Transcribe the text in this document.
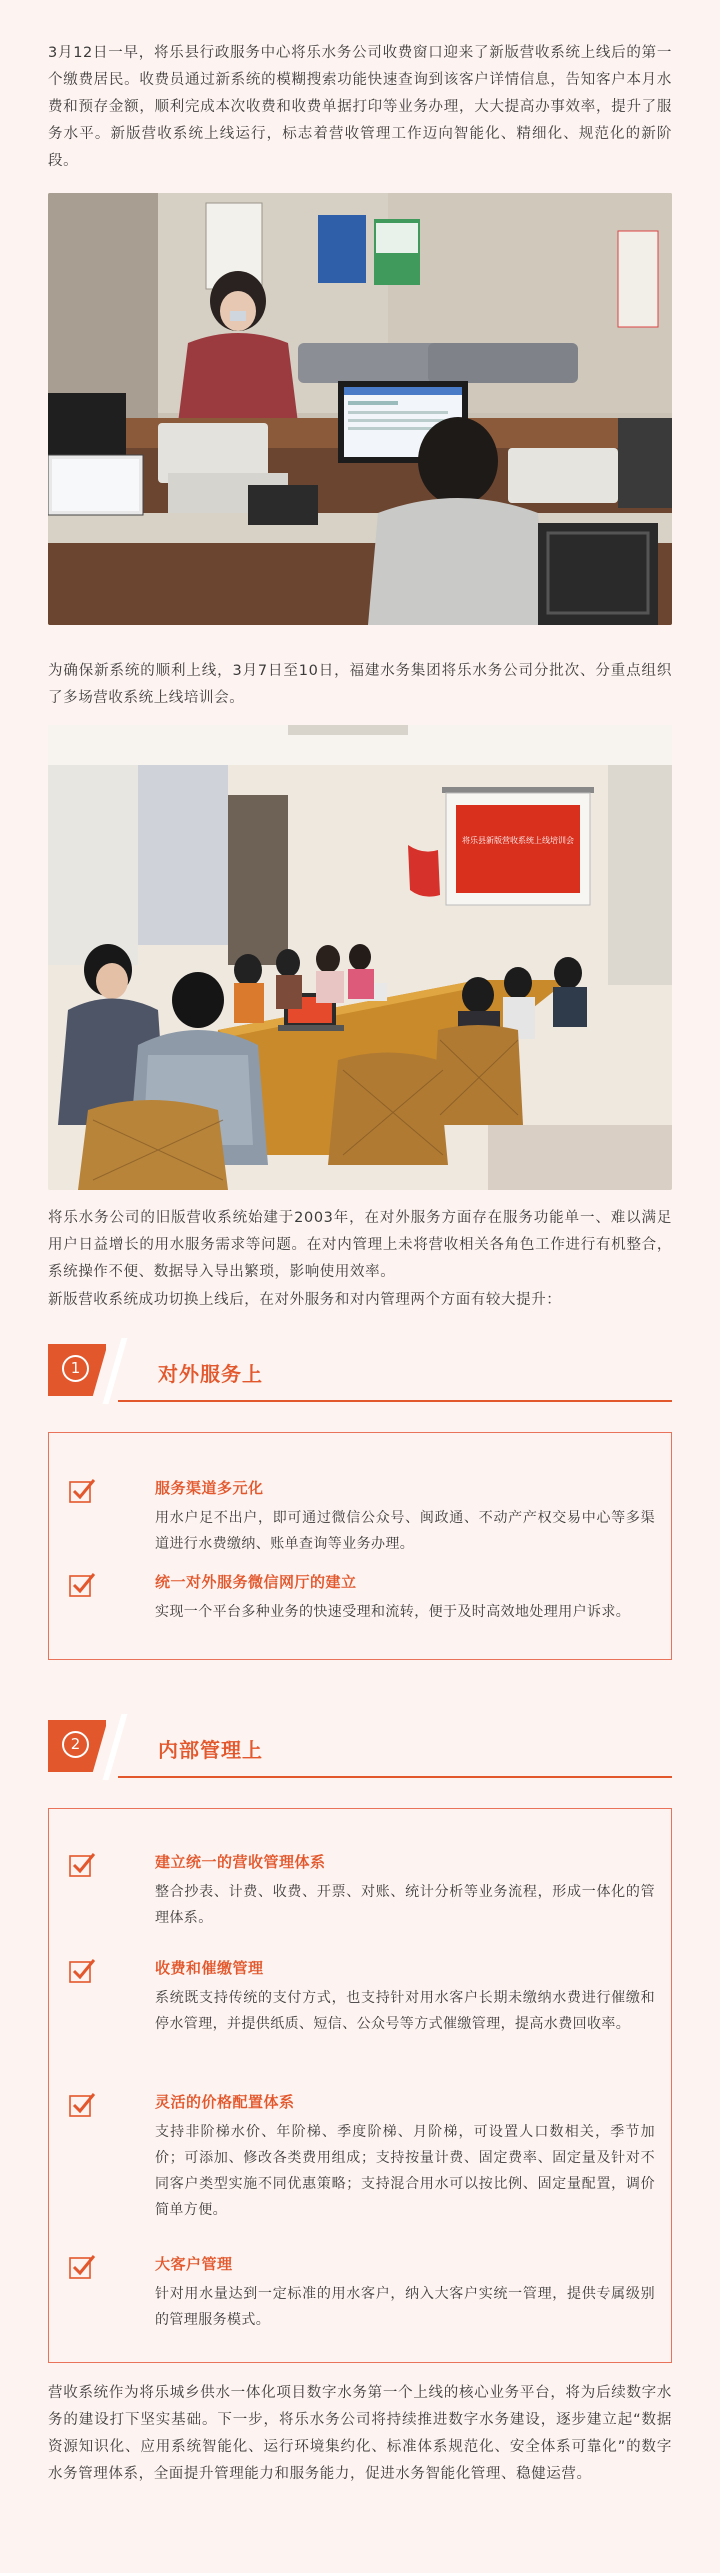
3月12日一早，将乐县行政服务中心将乐水务公司收费窗口迎来了新版营收系统上线后的第一个缴费居民。收费员通过新系统的模糊搜索功能快速查询到该客户详情信息，告知客户本月水费和预存金额，顺利完成本次收费和收费单据打印等业务办理，大大提高办事效率，提升了服务水平。新版营收系统上线运行，标志着营收管理工作迈向智能化、精细化、规范化的新阶段。

为确保新系统的顺利上线，3月7日至10日，福建水务集团将乐水务公司分批次、分重点组织了多场营收系统上线培训会。

将乐县新版营收系统上线培训会

将乐水务公司的旧版营收系统始建于2003年，在对外服务方面存在服务功能单一、难以满足用户日益增长的用水服务需求等问题。在对内管理上未将营收相关各角色工作进行有机整合，系统操作不便、数据导入导出繁琐，影响使用效率。

新版营收系统成功切换上线后，在对外服务和对内管理两个方面有较大提升：

1	对外服务上
服务渠道多元化

用水户足不出户，即可通过微信公众号、闽政通、不动产产权交易中心等多渠道进行水费缴纳、账单查询等业务办理。

统一对外服务微信网厅的建立

实现一个平台多种业务的快速受理和流转，便于及时高效地处理用户诉求。

2	内部管理上
建立统一的营收管理体系

整合抄表、计费、收费、开票、对账、统计分析等业务流程，形成一体化的管理体系。

收费和催缴管理

系统既支持传统的支付方式，也支持针对用水客户长期未缴纳水费进行催缴和停水管理，并提供纸质、短信、公众号等方式催缴管理，提高水费回收率。

灵活的价格配置体系

支持非阶梯水价、年阶梯、季度阶梯、月阶梯，可设置人口数相关，季节加价；可添加、修改各类费用组成；支持按量计费、固定费率、固定量及针对不同客户类型实施不同优惠策略；支持混合用水可以按比例、固定量配置，调价简单方便。

大客户管理

针对用水量达到一定标准的用水客户，纳入大客户实统一管理，提供专属级别的管理服务模式。

营收系统作为将乐城乡供水一体化项目数字水务第一个上线的核心业务平台，将为后续数字水务的建设打下坚实基础。下一步，将乐水务公司将持续推进数字水务建设，逐步建立起“数据资源知识化、应用系统智能化、运行环境集约化、标准体系规范化、安全体系可靠化”的数字水务管理体系，全面提升管理能力和服务能力，促进水务智能化管理、稳健运营。
